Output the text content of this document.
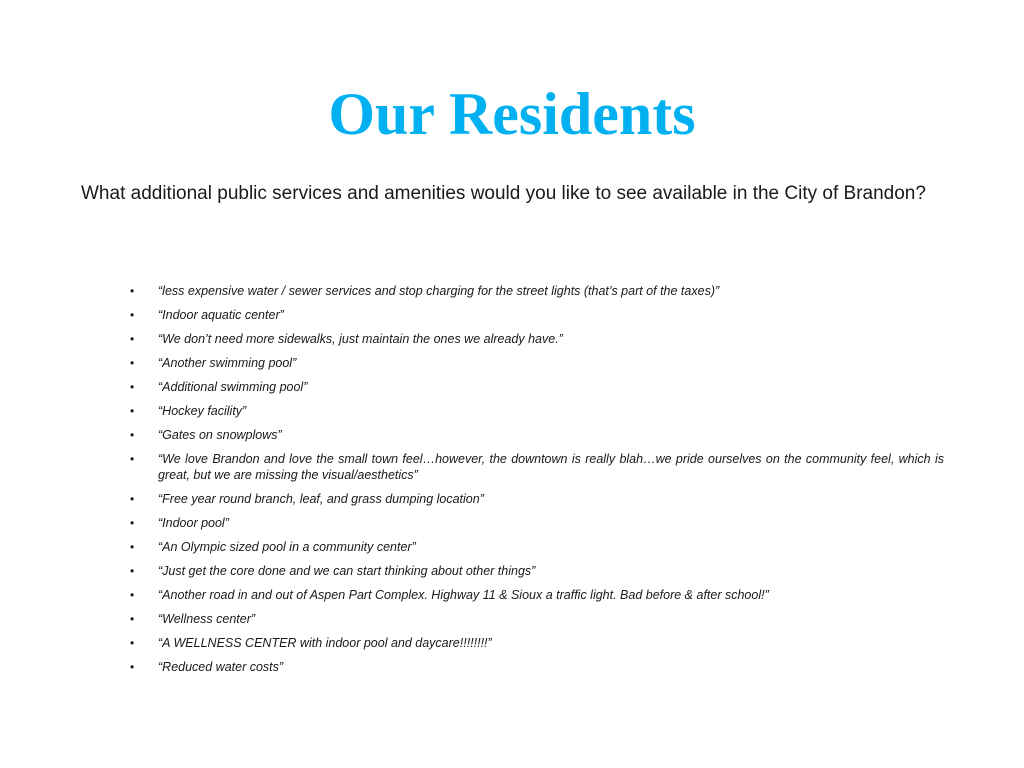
Our Residents

What additional public services and amenities would you like to see available in the City of Brandon?

• “less expensive water / sewer services and stop charging for the street lights (that’s part of the taxes)”
• “Indoor aquatic center”
• “We don’t need more sidewalks, just maintain the ones we already have.”
• “Another swimming pool”
• “Additional swimming pool”
• “Hockey facility”
• “Gates on snowplows”
• “We love Brandon and love the small town feel…however, the downtown is really blah…we pride ourselves on the community feel, which is great, but we are missing the visual/aesthetics”
• “Free year round branch, leaf, and grass dumping location”
• “Indoor pool”
• “An Olympic sized pool in a community center”
• “Just get the core done and we can start thinking about other things”
• “Another road in and out of Aspen Part Complex. Highway 11 & Sioux a traffic light. Bad before & after school!”
• “Wellness center”
• “A WELLNESS CENTER with indoor pool and daycare!!!!!!!!”
• “Reduced water costs”
